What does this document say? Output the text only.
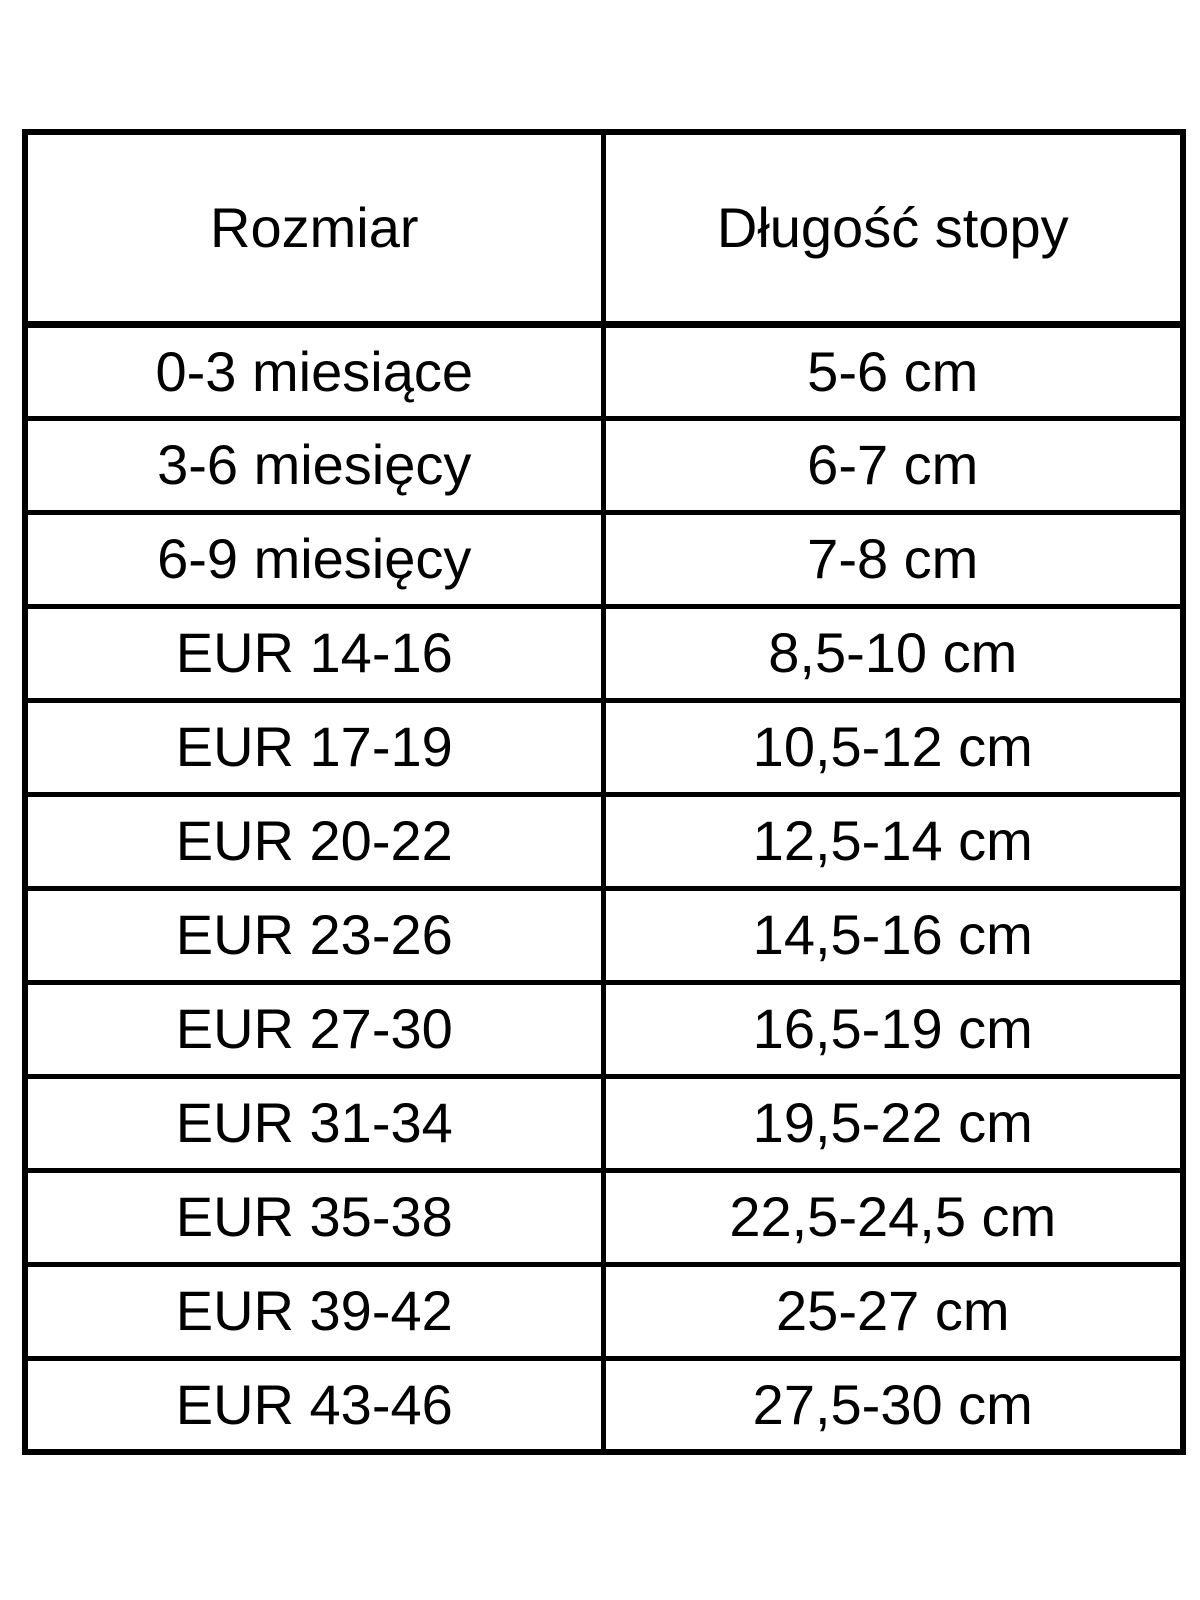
Rozmiar	Długość stopy
0-3 miesiące	5-6 cm
3-6 miesięcy	6-7 cm
6-9 miesięcy	7-8 cm
EUR 14-16	8,5-10 cm
EUR 17-19	10,5-12 cm
EUR 20-22	12,5-14 cm
EUR 23-26	14,5-16 cm
EUR 27-30	16,5-19 cm
EUR 31-34	19,5-22 cm
EUR 35-38	22,5-24,5 cm
EUR 39-42	25-27 cm
EUR 43-46	27,5-30 cm
